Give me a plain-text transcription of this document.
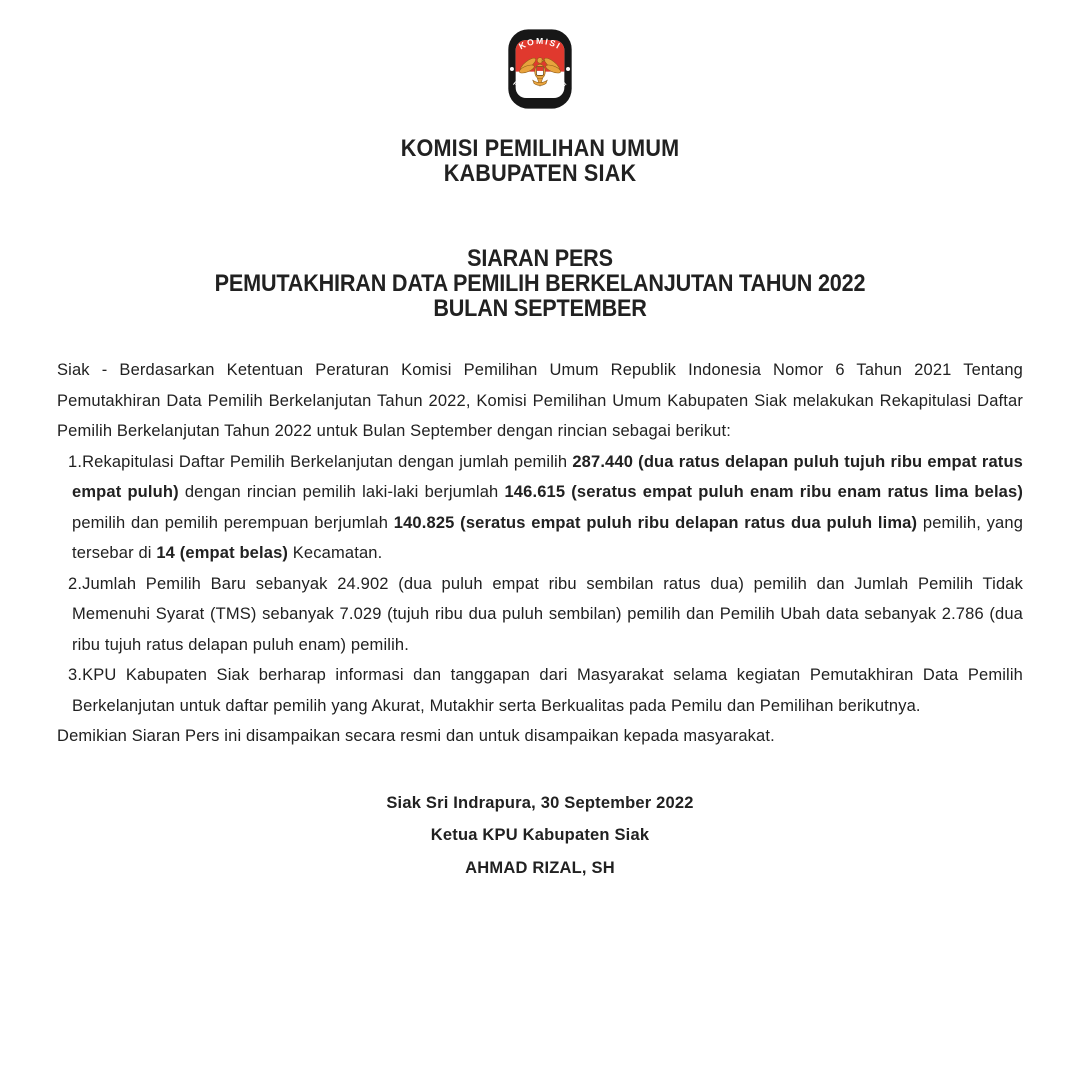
KOMISI
PEMILIHAN UMUM
KOMISI PEMILIHAN UMUM
KABUPATEN SIAK
SIARAN PERS
PEMUTAKHIRAN DATA PEMILIH BERKELANJUTAN TAHUN 2022
BULAN SEPTEMBER
Siak - Berdasarkan Ketentuan Peraturan Komisi Pemilihan Umum Republik Indonesia Nomor 6 Tahun 2021 Tentang Pemutakhiran Data Pemilih Berkelanjutan Tahun 2022, Komisi Pemilihan Umum Kabupaten Siak melakukan Rekapitulasi Daftar Pemilih Berkelanjutan Tahun 2022 untuk Bulan September dengan rincian sebagai berikut:
1.Rekapitulasi Daftar Pemilih Berkelanjutan dengan jumlah pemilih 287.440 (dua ratus delapan puluh tujuh ribu empat ratus empat puluh) dengan rincian pemilih laki-laki berjumlah 146.615 (seratus empat puluh enam ribu enam ratus lima belas) pemilih dan pemilih perempuan berjumlah 140.825 (seratus empat puluh ribu delapan ratus dua puluh lima) pemilih, yang tersebar di 14 (empat belas) Kecamatan.
2.Jumlah Pemilih Baru sebanyak 24.902 (dua puluh empat ribu sembilan ratus dua) pemilih dan Jumlah Pemilih Tidak Memenuhi Syarat (TMS) sebanyak 7.029 (tujuh ribu dua puluh sembilan) pemilih dan Pemilih Ubah data sebanyak 2.786 (dua ribu tujuh ratus delapan puluh enam) pemilih.
3.KPU Kabupaten Siak berharap informasi dan tanggapan dari Masyarakat selama kegiatan Pemutakhiran Data Pemilih Berkelanjutan untuk daftar pemilih yang Akurat, Mutakhir serta Berkualitas pada Pemilu dan Pemilihan berikutnya.
Demikian Siaran Pers ini disampaikan secara resmi dan untuk disampaikan kepada masyarakat.
Siak Sri Indrapura, 30 September 2022
Ketua KPU Kabupaten Siak
AHMAD RIZAL, SH
